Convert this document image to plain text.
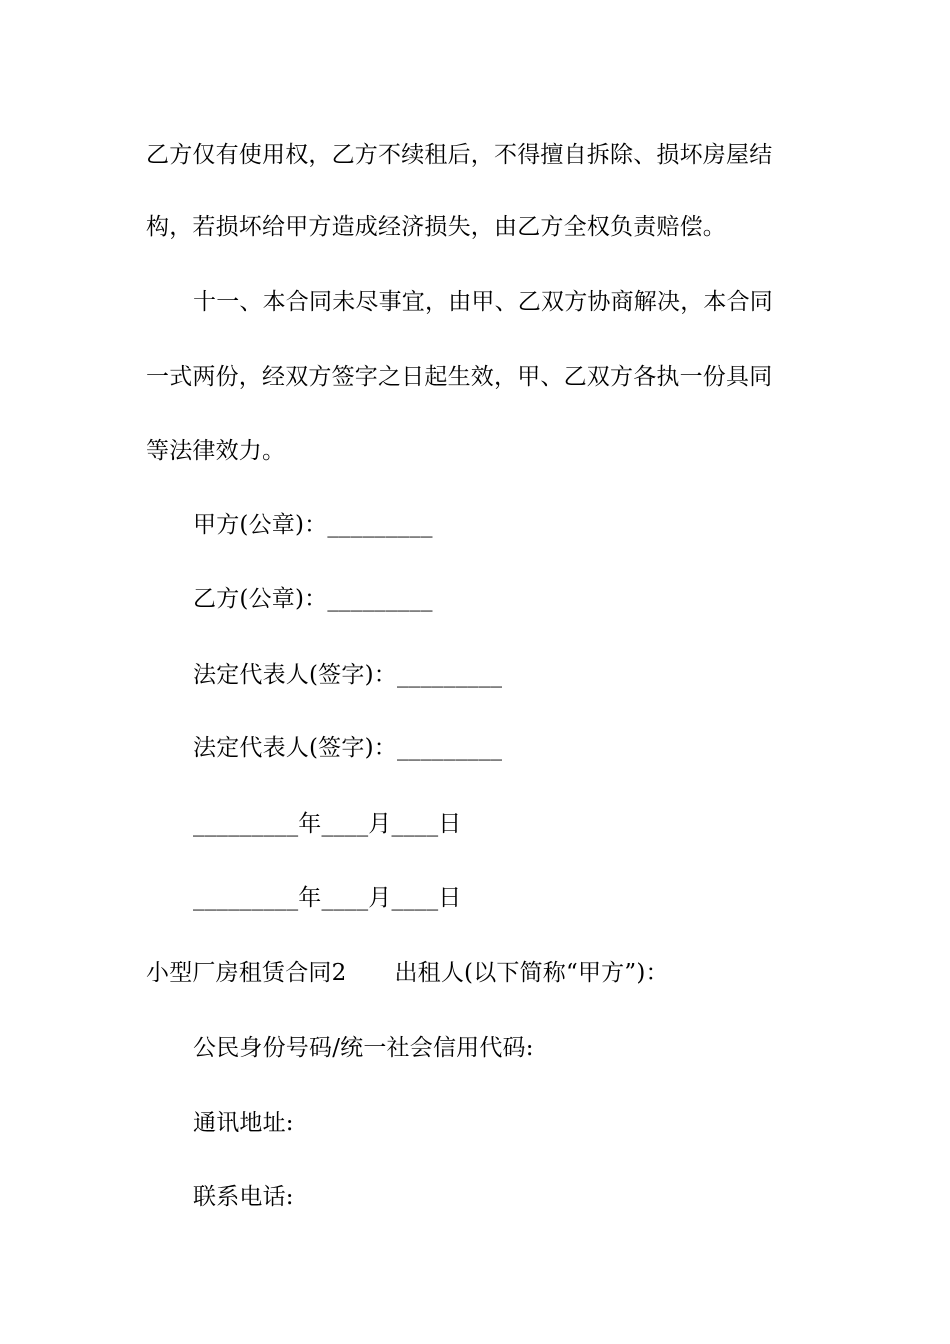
乙方仅有使用权，乙方不续租后，不得擅自拆除、损坏房屋结
构，若损坏给甲方造成经济损失，由乙方全权负责赔偿。
十一、本合同未尽事宜，由甲、乙双方协商解决，本合同
一式两份，经双方签字之日起生效，甲、乙双方各执一份具同
等法律效力。
甲方(公章)：_________
乙方(公章)：_________
法定代表人(签字)：_________
法定代表人(签字)：_________
_________年____月____日
_________年____月____日
小型厂房租赁合同2 出租人(以下简称“甲方”)：
公民身份号码/统一社会信用代码:
通讯地址:
联系电话:
